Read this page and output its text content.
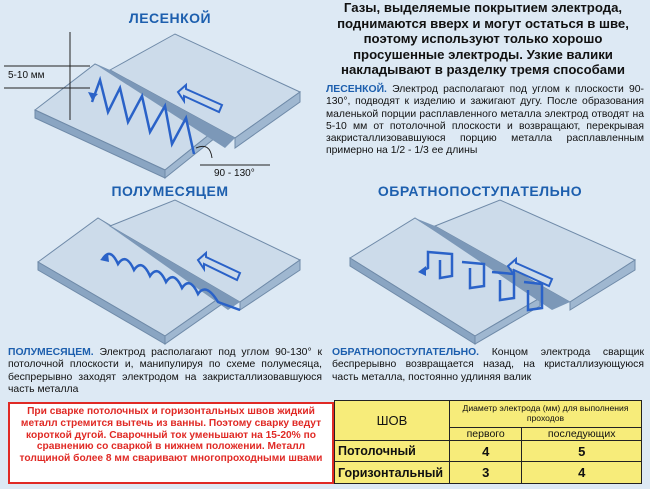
ЛЕСЕНКОЙ
ПОЛУМЕСЯЦЕМ	ОБРАТНОПОСТУПАТЕЛЬНО
Газы, выделяемые покрытием электрода, поднимаются вверх и могут остаться в шве, поэтому используют только хорошо просушенные электроды. Узкие валики накладывают в разделку тремя способами
ЛЕСЕНКОЙ. Электрод располагают под углом к плоскости 90-130°, подводят к изделию и зажигают дугу. После образования маленькой порции расплавленного металла электрод отводят на 5-10 мм от потолочной плоскости и возвращают, перекрывая закристаллизовавшуюся порцию металла расплавленным примерно на 1/2 - 1/3 ее длины
ПОЛУМЕСЯЦЕМ. Электрод располагают под углом 90-130° к потолочной плоскости и, манипулируя по схеме полумесяца, беспрерывно заходят электродом на закристаллизовавшуюся часть металла
ОБРАТНОПОСТУПАТЕЛЬНО. Концом электрода сварщик беспрерывно возвращается назад, на кристаллизующуюся часть металла, постоянно удлиняя валик
5-10 мм
90 - 130°
При сварке потолочных и горизонтальных швов жидкий металл стремится вытечь из ванны. Поэтому сварку ведут короткой дугой. Сварочный ток уменьшают на 15-20% по сравнению со сваркой в нижнем положении. Металл толщиной более 8 мм сваривают многопроходными швами
ШОВ	Диаметр электрода (мм) для выполнения проходов	
	первого	последующих
Потолочный	4	5
Горизонтальный	3	4
